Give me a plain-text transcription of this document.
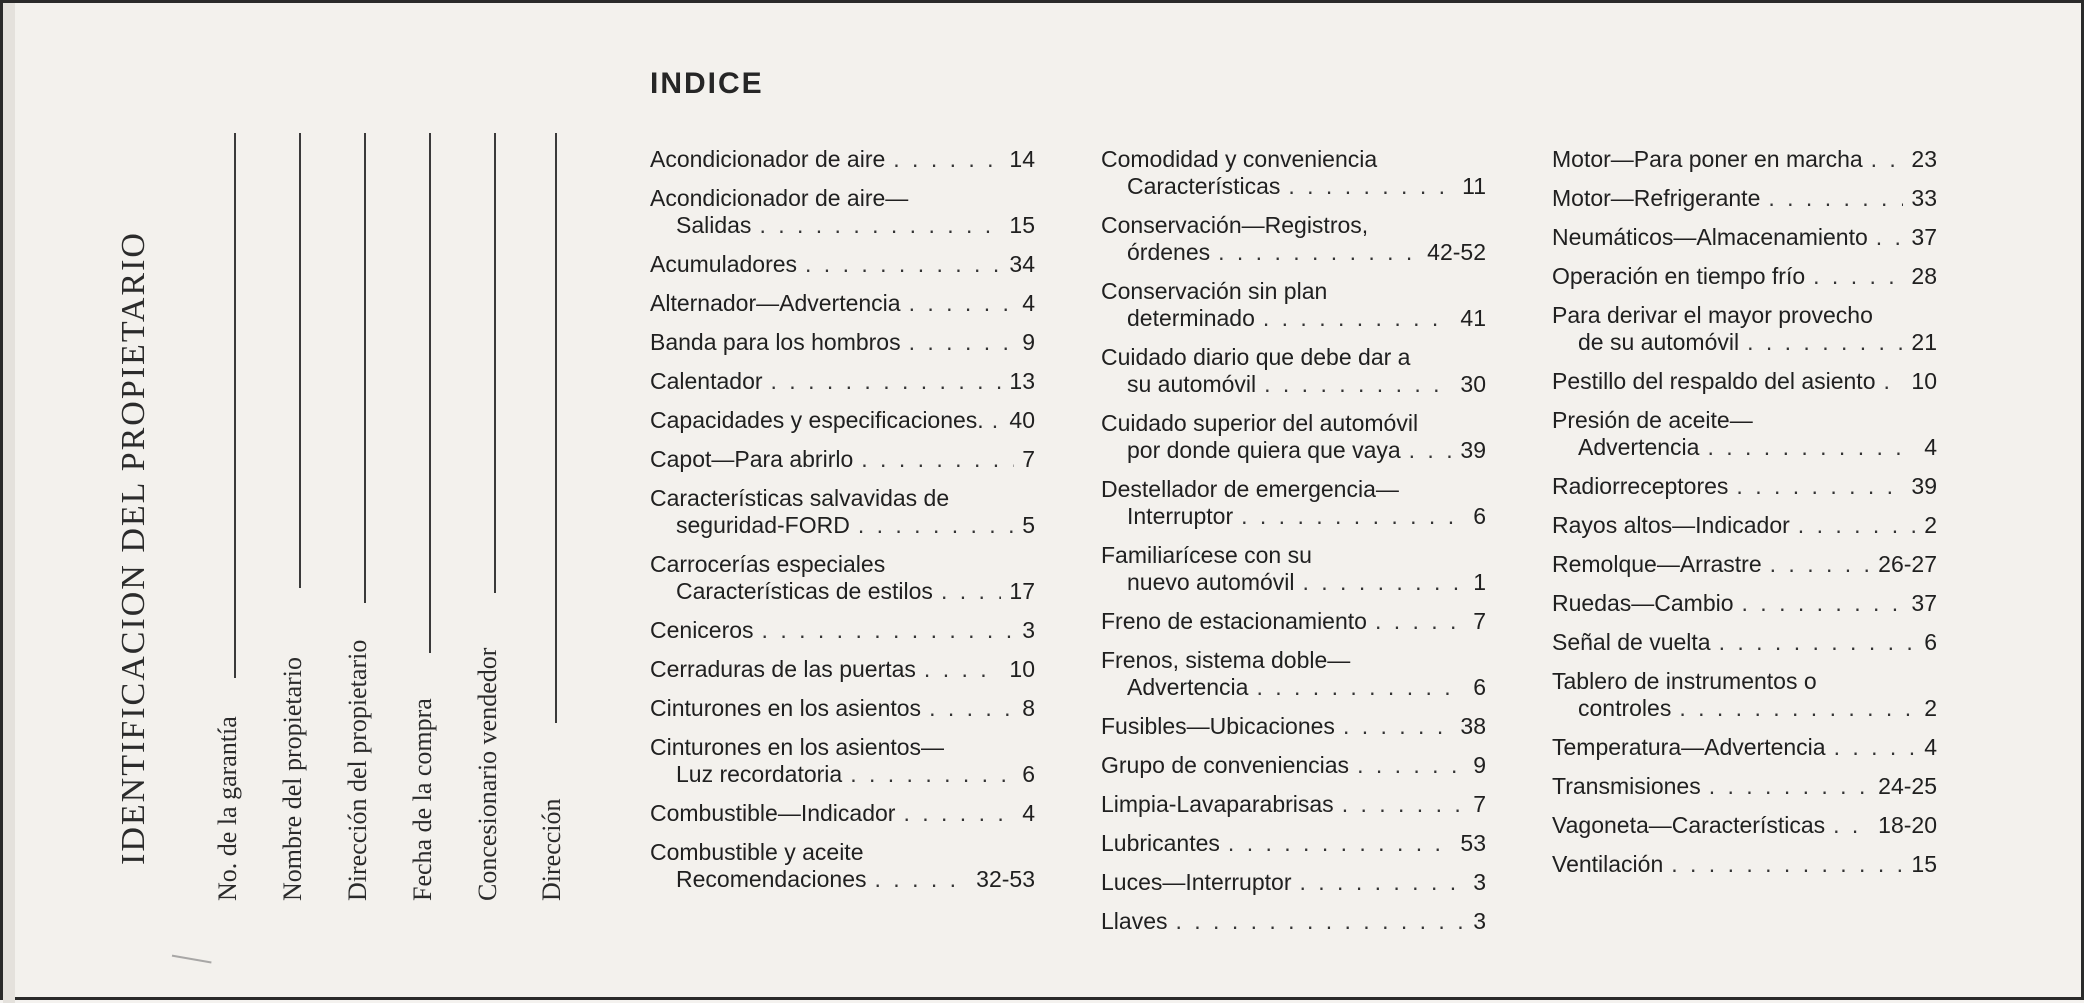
IDENTIFICACION DEL PROPIETARIO No. de la garantía Nombre del propietario Dirección del propietario Fecha de la compra Concesionario vendedor Dirección
INDICE
Acondicionador de aire . . .	14
Acondicionador de aire—
Salidas . . .	15
Acumuladores . . .	34
Alternador—Advertencia . . .	4
Banda para los hombros . . .	9
Calentador . . .	13
Capacidades y especificaciones. . . . 40
Capot—Para abrirlo . . .	7
Características salvavidas de
seguridad-FORD . . .	5
Carrocerías especiales
Características de estilos . . .	17
Ceniceros . . .	3
Cerraduras de las puertas . . .	10
Cinturones en los asientos . . .	8
Cinturones en los asientos—
Luz recordatoria . . .	6
Combustible—Indicador . . .	4
Combustible y aceite
Recomendaciones . . .	32-53
Comodidad y conveniencia
Características . . .	11
Conservación—Registros,
órdenes . . .	42-52
Conservación sin plan
determinado . . .	41
Cuidado diario que debe dar a
su automóvil . . .	30
Cuidado superior del automóvil
por donde quiera que vaya . . .	39
Destellador de emergencia—
Interruptor . . .	6
Familiarícese con su
nuevo automóvil . . .	1
Freno de estacionamiento . . .	7
Frenos, sistema doble—
Advertencia . . .	6
Fusibles—Ubicaciones . . .	38
Grupo de conveniencias . . .	9
Limpia-Lavaparabrisas . . .	7
Lubricantes . . .	53
Luces—Interruptor . . .	3
Llaves . . .	3
Motor—Para poner en marcha . . . 23
Motor—Refrigerante . . .	33
Neumáticos—Almacenamiento . . . 37
Operación en tiempo frío . . .	28
Para derivar el mayor provecho
de su automóvil . . .	21
Pestillo del respaldo del asiento . . . 10
Presión de aceite—
Advertencia . . .	4
Radiorreceptores . . .	39
Rayos altos—Indicador . . .	2
Remolque—Arrastre . . .	26-27
Ruedas—Cambio . . .	37
Señal de vuelta . . .	6
Tablero de instrumentos o
controles . . .	2
Temperatura—Advertencia . . .	4
Transmisiones . . .	24-25
Vagoneta—Características . . . 18-20
Ventilación . . .	15
